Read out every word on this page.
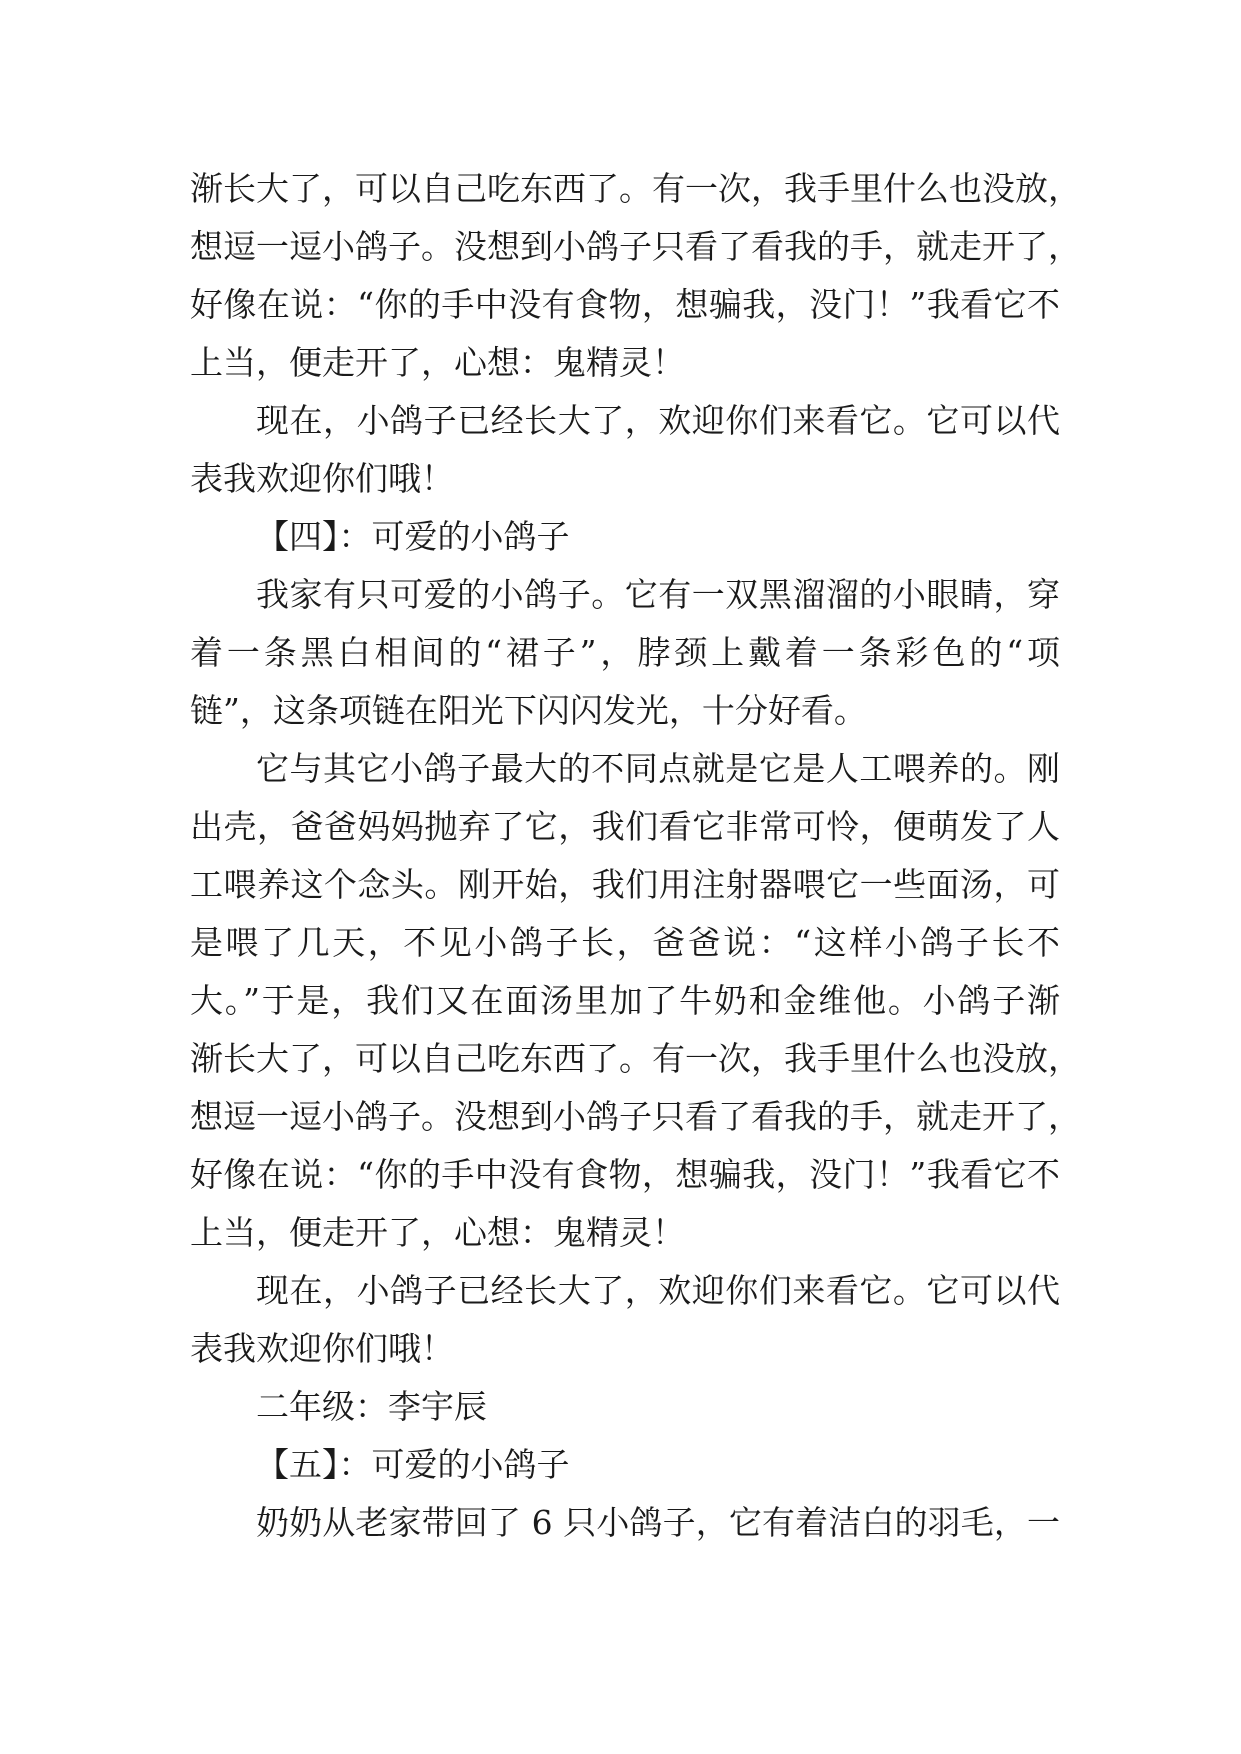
渐长大了，可以自己吃东西了。有一次，我手里什么也没放，
想逗一逗小鸽子。没想到小鸽子只看了看我的手，就走开了，
好像在说：“你的手中没有食物，想骗我，没门！”我看它不
上当，便走开了，心想：鬼精灵！
现在，小鸽子已经长大了，欢迎你们来看它。它可以代
表我欢迎你们哦！
【四】：可爱的小鸽子
我家有只可爱的小鸽子。它有一双黑溜溜的小眼睛，穿
着一条黑白相间的“裙子”，脖颈上戴着一条彩色的“项
链”，这条项链在阳光下闪闪发光，十分好看。
它与其它小鸽子最大的不同点就是它是人工喂养的。刚
出壳，爸爸妈妈抛弃了它，我们看它非常可怜，便萌发了人
工喂养这个念头。刚开始，我们用注射器喂它一些面汤，可
是喂了几天，不见小鸽子长，爸爸说：“这样小鸽子长不
大。”于是，我们又在面汤里加了牛奶和金维他。小鸽子渐
渐长大了，可以自己吃东西了。有一次，我手里什么也没放，
想逗一逗小鸽子。没想到小鸽子只看了看我的手，就走开了，
好像在说：“你的手中没有食物，想骗我，没门！”我看它不
上当，便走开了，心想：鬼精灵！
现在，小鸽子已经长大了，欢迎你们来看它。它可以代
表我欢迎你们哦！
二年级：李宇辰
【五】：可爱的小鸽子
奶奶从老家带回了 6 只小鸽子，它有着洁白的羽毛，一
